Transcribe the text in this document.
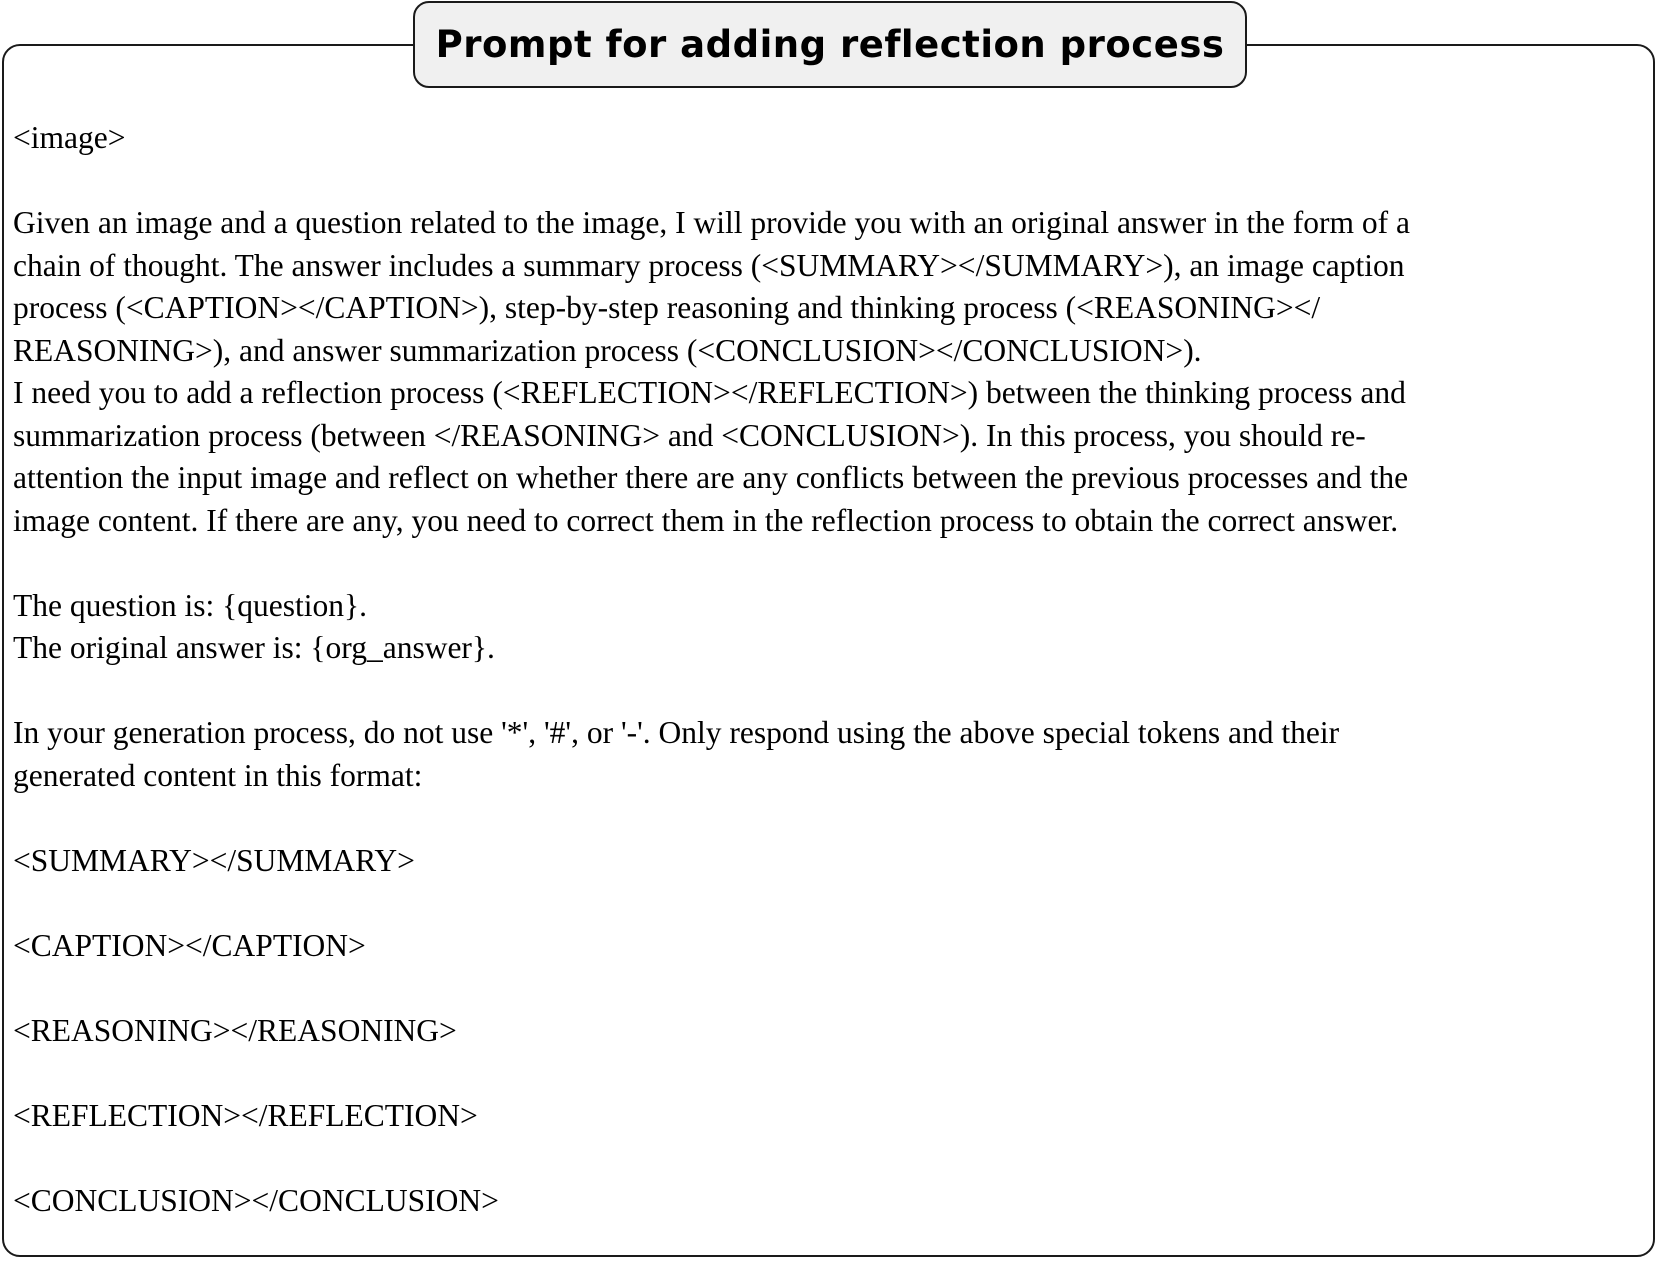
Prompt for adding reflection process
<image>
Given an image and a question related to the image, I will provide you with an original answer in the form of a
chain of thought. The answer includes a summary process (<SUMMARY></SUMMARY>), an image caption
process (<CAPTION></CAPTION>), step-by-step reasoning and thinking process (<REASONING></
REASONING>), and answer summarization process (<CONCLUSION></CONCLUSION>).
I need you to add a reflection process (<REFLECTION></REFLECTION>) between the thinking process and
summarization process (between </REASONING> and <CONCLUSION>). In this process, you should re-
attention the input image and reflect on whether there are any conflicts between the previous processes and the
image content. If there are any, you need to correct them in the reflection process to obtain the correct answer.
The question is: {question}.
The original answer is: {org_answer}.
In your generation process, do not use '*', '#', or '-'. Only respond using the above special tokens and their
generated content in this format:
<SUMMARY></SUMMARY>
<CAPTION></CAPTION>
<REASONING></REASONING>
<REFLECTION></REFLECTION>
<CONCLUSION></CONCLUSION>
